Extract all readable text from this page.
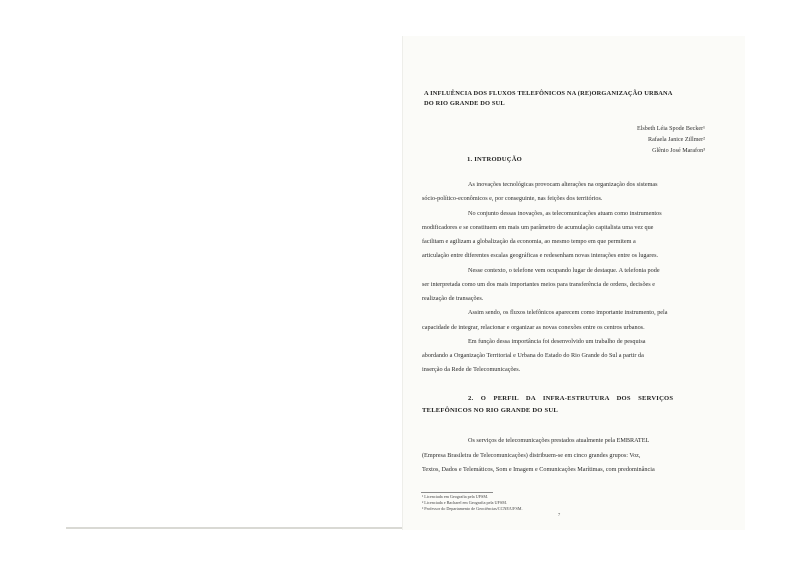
A INFLUÊNCIA DOS FLUXOS TELEFÔNICOS NA (RE)ORGANIZAÇÃO URBANA
DO RIO GRANDE DO SUL
Elsbeth Léia Spode Becker¹
Rafaela Janice Zillmer²
Glênio José Marafon³
1. INTRODUÇÃO
As inovações tecnológicas provocam alterações na organização dos sistemas
sócio-político-econômicos e, por conseguinte, nas feições dos territórios.
No conjunto dessas inovações, as telecomunicações atuam como instrumentos
modificadores e se constituem em mais um parâmetro de acumulação capitalista uma vez que
facilitam e agilizam a globalização da economia, ao mesmo tempo em que permitem a
articulação entre diferentes escalas geográficas e redesenham novas interações entre os lugares.
Nesse contexto, o telefone vem ocupando lugar de destaque. A telefonia pode
ser interpretada como um dos mais importantes meios para transferência de ordens, decisões e
realização de transações.
Assim sendo, os fluxos telefônicos aparecem como importante instrumento, pela
capacidade de integrar, relacionar e organizar as novas conexões entre os centros urbanos.
Em função dessa importância foi desenvolvido um trabalho de pesquisa
abordando a Organização Territorial e Urbana do Estado do Rio Grande do Sul a partir da
inserção da Rede de Telecomunicações.
2.    O    PERFIL    DA    INFRA-ESTRUTURA    DOS    SERVIÇOS
TELEFÔNICOS NO RIO GRANDE DO SUL
Os serviços de telecomunicações prestados atualmente pela EMBRATEL
(Empresa Brasileira de Telecomunicações) distribuem-se em cinco grandes grupos: Voz,
Textos, Dados e Telemáticos, Som e Imagem e Comunicações Marítimas, com predominância
¹ Licenciada em Geografia pela UFSM.
² Licenciada e Bacharel em Geografia pela UFSM.
³ Professor do Departamento de Geociências/CCNE/UFSM.
7
